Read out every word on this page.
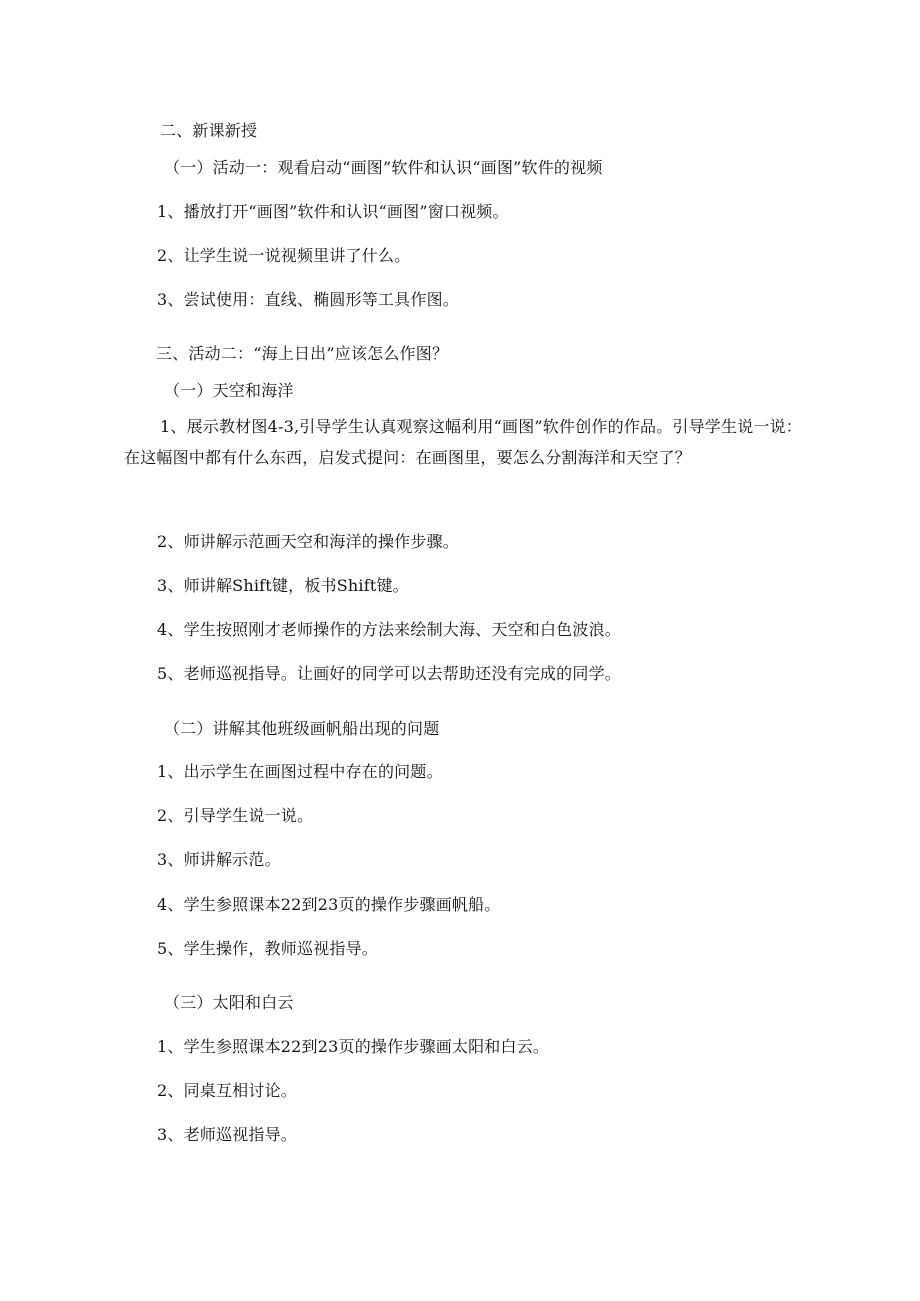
二、新课新授
（一）活动一：观看启动“画图”软件和认识“画图”软件的视频
1、播放打开“画图”软件和认识“画图”窗口视频。
2、让学生说一说视频里讲了什么。
3、尝试使用：直线、椭圆形等工具作图。
三、活动二：“海上日出”应该怎么作图？
（一）天空和海洋
1、展示教材图4-3,引导学生认真观察这幅利用“画图”软件创作的作品。引导学生说一说：在这幅图中都有什么东西，启发式提问：在画图里，要怎么分割海洋和天空了？
2、师讲解示范画天空和海洋的操作步骤。
3、师讲解Shift键，板书Shift键。
4、学生按照刚才老师操作的方法来绘制大海、天空和白色波浪。
5、老师巡视指导。让画好的同学可以去帮助还没有完成的同学。
（二）讲解其他班级画帆船出现的问题
1、出示学生在画图过程中存在的问题。
2、引导学生说一说。
3、师讲解示范。
4、学生参照课本22到23页的操作步骤画帆船。
5、学生操作，教师巡视指导。
（三）太阳和白云
1、学生参照课本22到23页的操作步骤画太阳和白云。
2、同桌互相讨论。
3、老师巡视指导。
